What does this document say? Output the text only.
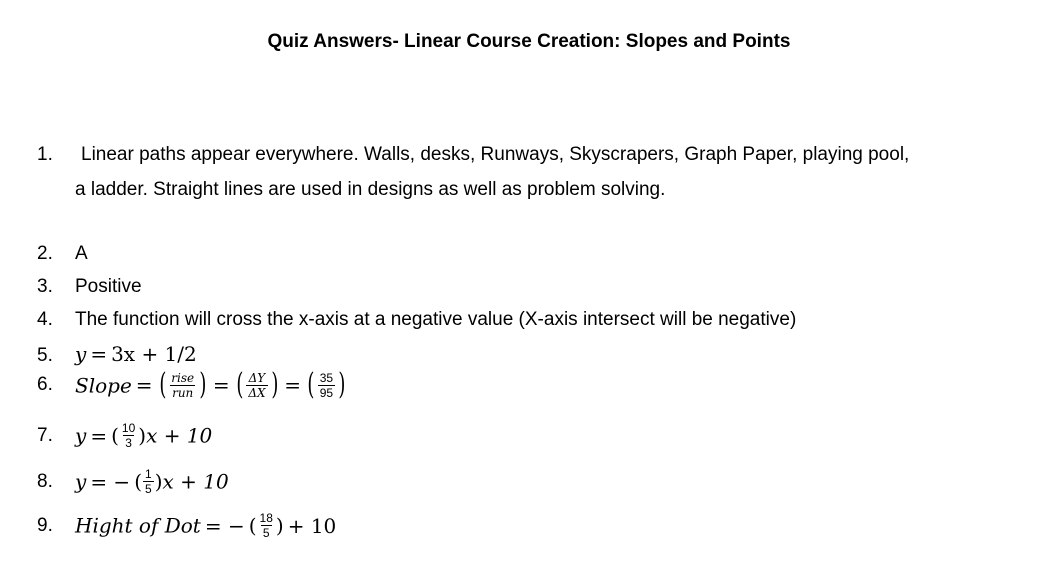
Quiz Answers- Linear Course Creation: Slopes and Points
1. Linear paths appear everywhere. Walls, desks, Runways, Skyscrapers, Graph Paper, playing pool,
a ladder. Straight lines are used in designs as well as problem solving.
2. A
3. Positive
4. The function will cross the x-axis at a negative value (X-axis intersect will be negative)
5. y = 3x + 1/2
6. Slope = ( $\frac{\text{rise}}{\text{run}}$ ) = ( $\frac{\Delta Y}{\Delta X}$ ) = ( $\frac{35}{95}$ )
7. y = ( $\frac{10}{3} )x + 10$
8. y = − ( $\frac{1}{5} )x + 10$
9. Hight of Dot = − ( $\frac{18}{5}$ ) + 10
